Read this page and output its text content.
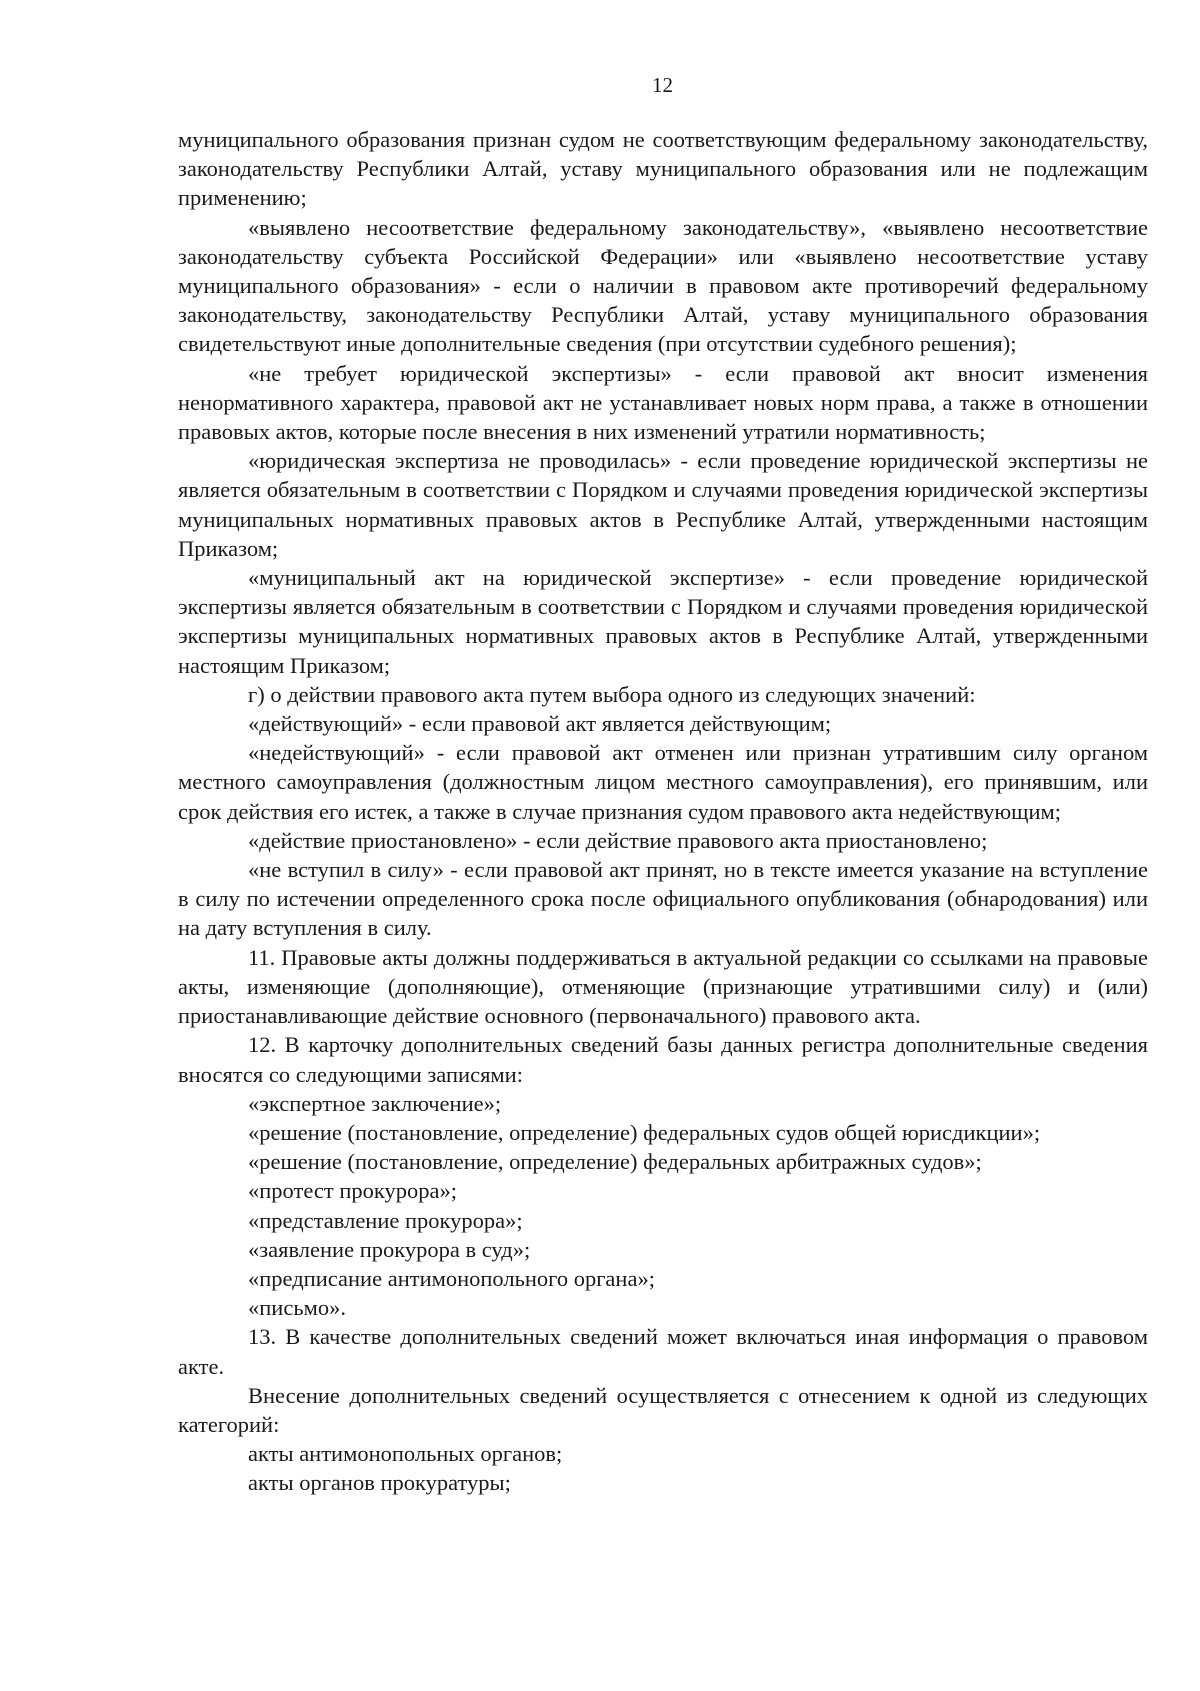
12

муниципального образования признан судом не соответствующим федеральному законодательству, законодательству Республики Алтай, уставу муниципального образования или не подлежащим применению;

«выявлено несоответствие федеральному законодательству», «выявлено несоответствие законодательству субъекта Российской Федерации» или «выявлено несоответствие уставу муниципального образования» - если о наличии в правовом акте противоречий федеральному законодательству, законодательству Республики Алтай, уставу муниципального образования свидетельствуют иные дополнительные сведения (при отсутствии судебного решения);

«не требует юридической экспертизы» - если правовой акт вносит изменения ненормативного характера, правовой акт не устанавливает новых норм права, а также в отношении правовых актов, которые после внесения в них изменений утратили нормативность;

«юридическая экспертиза не проводилась» - если проведение юридической экспертизы не является обязательным в соответствии с Порядком и случаями проведения юридической экспертизы муниципальных нормативных правовых актов в Республике Алтай, утвержденными настоящим Приказом;

«муниципальный акт на юридической экспертизе» - если проведение юридической экспертизы является обязательным в соответствии с Порядком и случаями проведения юридической экспертизы муниципальных нормативных правовых актов в Республике Алтай, утвержденными настоящим Приказом;

г) о действии правового акта путем выбора одного из следующих значений:

«действующий» - если правовой акт является действующим;

«недействующий» - если правовой акт отменен или признан утратившим силу органом местного самоуправления (должностным лицом местного самоуправления), его принявшим, или срок действия его истек, а также в случае признания судом правового акта недействующим;

«действие приостановлено» - если действие правового акта приостановлено;

«не вступил в силу» - если правовой акт принят, но в тексте имеется указание на вступление в силу по истечении определенного срока после официального опубликования (обнародования) или на дату вступления в силу.

11. Правовые акты должны поддерживаться в актуальной редакции со ссылками на правовые акты, изменяющие (дополняющие), отменяющие (признающие утратившими силу) и (или) приостанавливающие действие основного (первоначального) правового акта.

12. В карточку дополнительных сведений базы данных регистра дополнительные сведения вносятся со следующими записями:

«экспертное заключение»;

«решение (постановление, определение) федеральных судов общей юрисдикции»;

«решение (постановление, определение) федеральных арбитражных судов»;

«протест прокурора»;

«представление прокурора»;

«заявление прокурора в суд»;

«предписание антимонопольного органа»;

«письмо».

13. В качестве дополнительных сведений может включаться иная информация о правовом акте.

Внесение дополнительных сведений осуществляется с отнесением к одной из следующих категорий:

акты антимонопольных органов;

акты органов прокуратуры;
